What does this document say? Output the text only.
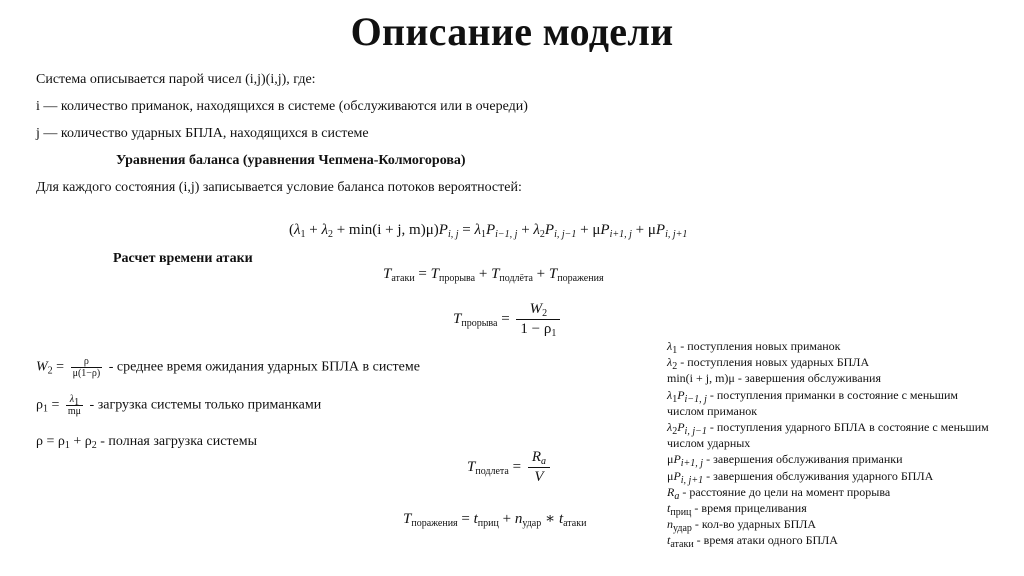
Описание модели
Система описывается парой чисел (i,j)(i,j), где:
i — количество приманок, находящихся в системе (обслуживаются или в очереди)
j — количество ударных БПЛА, находящихся в системе
Уравнения баланса (уравнения Чепмена-Колмогорова)
Для каждого состояния (i,j) записывается условие баланса потоков вероятностей:
($\lambda_1 + \lambda_2 + \min(i + j$, $m)\mu)P_{i, j} = \lambda_1P_{i-1, j} + \lambda_2P_{i, j-1} + \mu P_{i+1, j} + \mu P_{i, j+1}$
Расчет времени атаки
$T_{атаки} = T_{прорыва} + T_{подлёта} + T_{поражения}$
$T_{прорыва} = \frac{W_2}{1 - \rho_1}$
$W_2 = \frac{\rho}{\mu(1-\rho)}$ - среднее время ожидания ударных БПЛА в системе
$\rho_1 = \frac{\lambda_1}{m\mu}$ - загрузка системы только приманками
$\rho = \rho_1 + \rho_2$ - полная загрузка системы
$T_{подлета} = \frac{R_a}{V}$
$T_{поражения} = t_{приц} + n_{удар}$ ∗ $t_{атаки}$
$\lambda_1$ - поступления новых приманок
$\lambda_2$ - поступления новых ударных БПЛА
min(i + j, m)μ - завершения обслуживания
$\lambda_1P_{i-1, j}$ - поступления приманки в состояние с меньшим
числом приманок
$\lambda_2P_{i, j-1}$ - поступления ударного БПЛА в состояние с меньшим
числом ударных
$\mu P_{i+1, j}$ - завершения обслуживания приманки
$\mu P_{i, j+1}$ - завершения обслуживания ударного БПЛА
$R_a$ - расстояние до цели на момент прорыва
$t_{приц}$ - время прицеливания
$n_{удар} - кол-во$ ударных БПЛА
$t_{атаки}$ - время атаки одного БПЛА
